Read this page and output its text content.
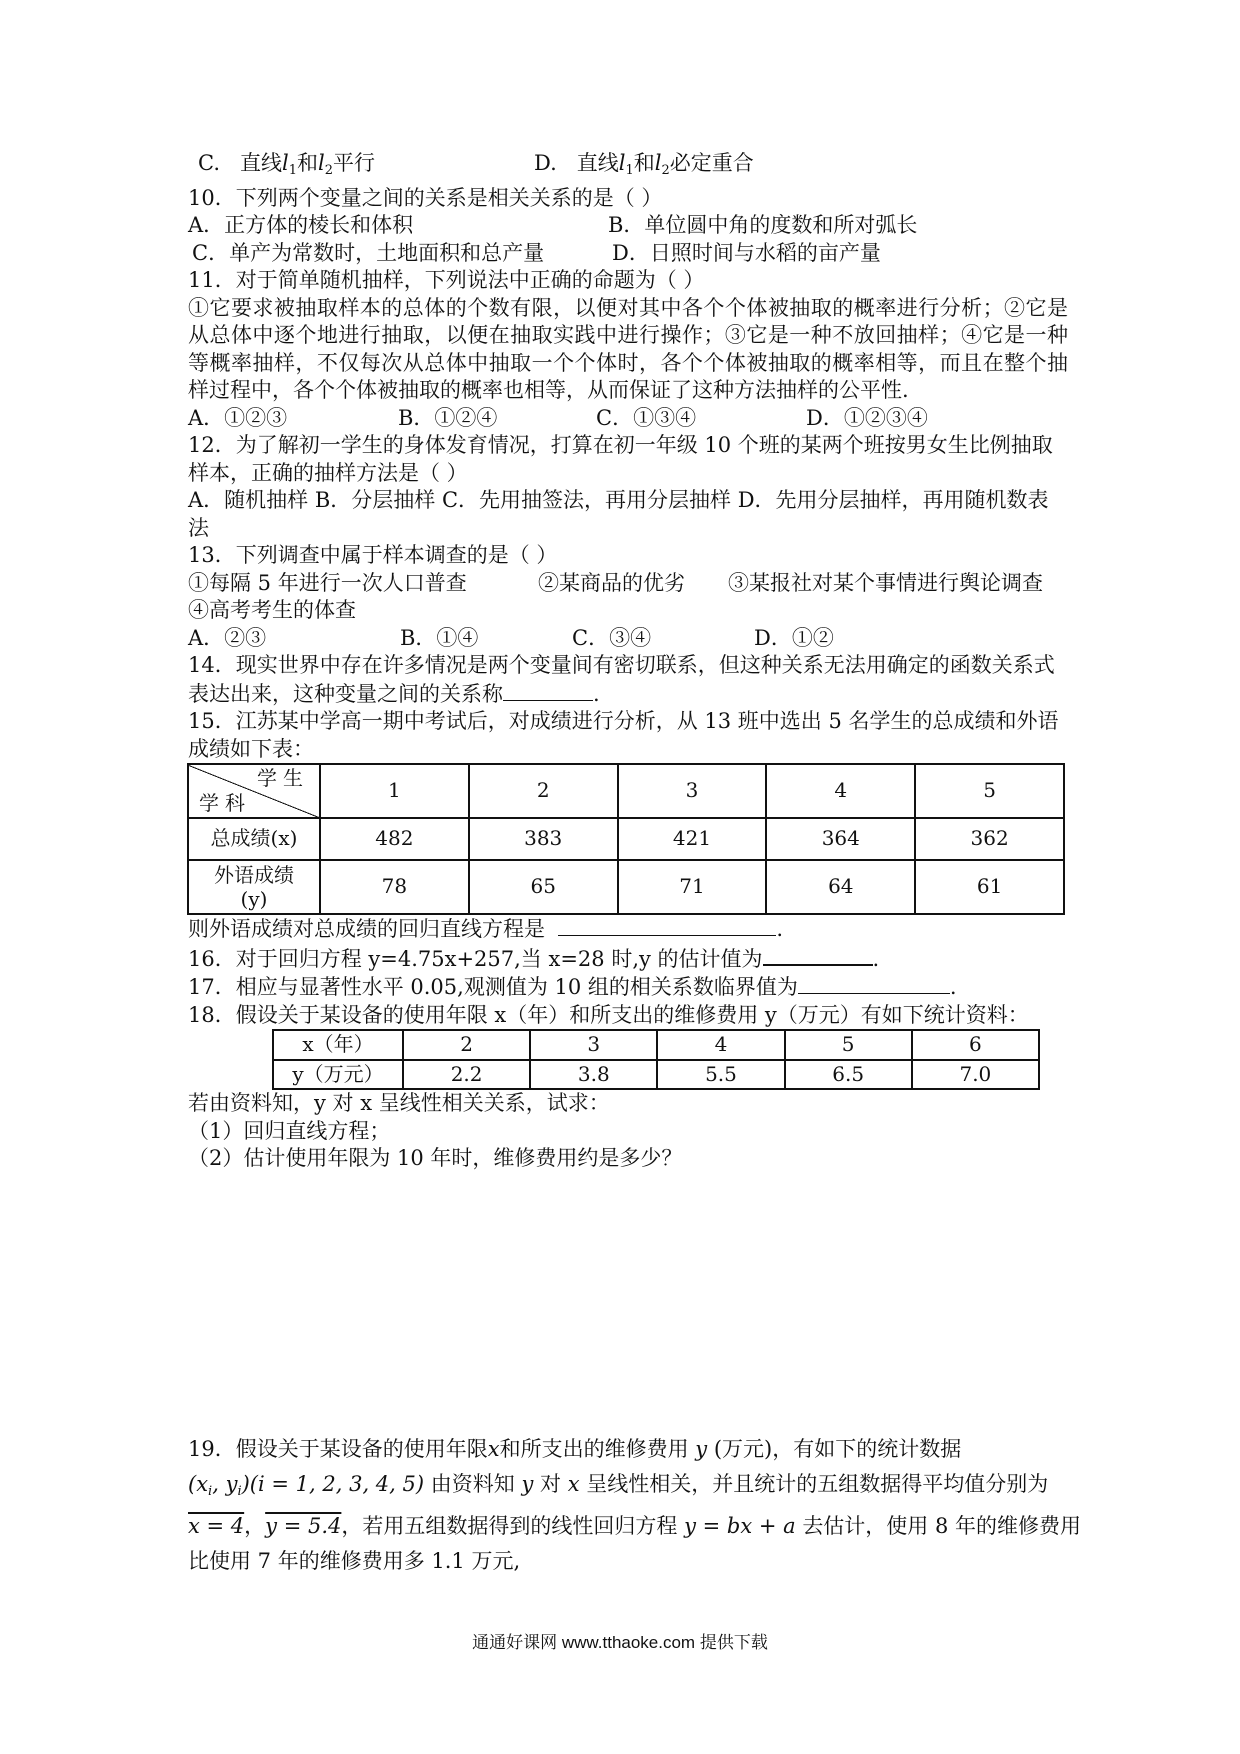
C. 直线$l_1$和$l_2$平行	D. 直线$l_1$和$l_2$必定重合
10．下列两个变量之间的关系是相关关系的是（ ）
A．正方体的棱长和体积	B．单位圆中角的度数和所对弧长
C．单产为常数时，土地面积和总产量	D．日照时间与水稻的亩产量
11．对于简单随机抽样，下列说法中正确的命题为（ ）
①它要求被抽取样本的总体的个数有限，以便对其中各个个体被抽取的概率进行分析；②它是从总体中逐个地进行抽取，以便在抽取实践中进行操作；③它是一种不放回抽样；④它是一种等概率抽样，不仅每次从总体中抽取一个个体时，各个个体被抽取的概率相等，而且在整个抽样过程中，各个个体被抽取的概率也相等，从而保证了这种方法抽样的公平性.
A．①②③	B．①②④	C．①③④	D．①②③④
12．为了解初一学生的身体发育情况，打算在初一年级 10 个班的某两个班按男女生比例抽取样本，正确的抽样方法是（ ）
A．随机抽样 B．分层抽样 C．先用抽签法，再用分层抽样 D．先用分层抽样，再用随机数表法
13．下列调查中属于样本调查的是（ ）
①每隔 5 年进行一次人口普查	②某商品的优劣	③某报社对某个事情进行舆论调查
④高考考生的体查
A．②③	B．①④	C．③④	D．①②
14．现实世界中存在许多情况是两个变量间有密切联系，但这种关系无法用确定的函数关系式表达出来，这种变量之间的关系称	.
15．江苏某中学高一期中考试后，对成绩进行分析，从 13 班中选出 5 名学生的总成绩和外语成绩如下表：
学生
学科	1	2	3	4	5
总成绩(x)	482	383	421	364	362

外语成绩
(y)	78	65	71	64	61
则外语成绩对总成绩的回归直线方程是	.
16．对于回归方程 y=4.75x+257,当 x=28 时,y 的估计值为	.
17．相应与显著性水平 0.05,观测值为 10 组的相关系数临界值为	.
18．假设关于某设备的使用年限 x（年）和所支出的维修费用 y（万元）有如下统计资料：
x（年）	2	3	4	5	6
y（万元）	2.2	3.8	5.5	6.5	7.0
若由资料知，y 对 x 呈线性相关关系，试求：
（1）回归直线方程；
（2）估计使用年限为 10 年时，维修费用约是多少？
19．假设关于某设备的使用年限x和所支出的维修费用 y (万元)，有如下的统计数据
($x_i$, $y_i)(i = 1$, 2, 3, 4, 5) 由资料知 y 对 x 呈线性相关，并且统计的五组数据得平均值分别为
x = 4，y = 5.4，若用五组数据得到的线性回归方程 y = bx + a 去估计，使用 8 年的维修费用
比使用 7 年的维修费用多 1.1 万元,
通通好课网 www.tthaoke.com 提供下载
